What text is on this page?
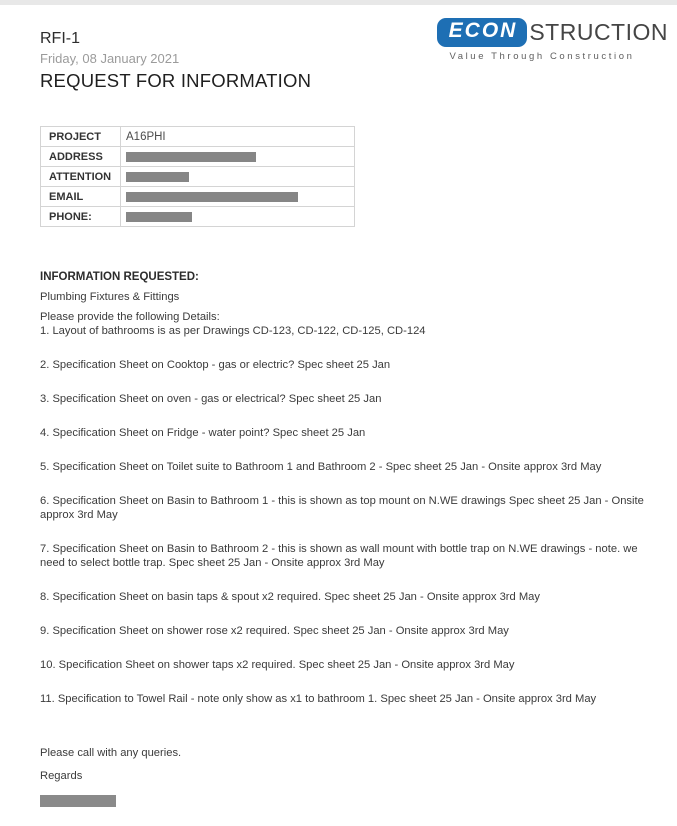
RFI-1
Friday, 08 January 2021
REQUEST FOR INFORMATION
ECON STRUCTION
Value Through Construction
PROJECT	A16PHI
ADDRESS	

ATTENTION	

EMAIL	

PHONE:	

INFORMATION REQUESTED:

Plumbing Fixtures & Fittings

Please provide the following Details:

1. Layout of bathrooms is as per Drawings CD-123, CD-122, CD-125, CD-124

2. Specification Sheet on Cooktop - gas or electric? Spec sheet 25 Jan

3. Specification Sheet on oven - gas or electrical? Spec sheet 25 Jan

4. Specification Sheet on Fridge - water point? Spec sheet 25 Jan

5. Specification Sheet on Toilet suite to Bathroom 1 and Bathroom 2 - Spec sheet 25 Jan - Onsite approx 3rd May

6. Specification Sheet on Basin to Bathroom 1 - this is shown as top mount on N.WE drawings Spec sheet 25 Jan - Onsite approx 3rd May

7. Specification Sheet on Basin to Bathroom 2 - this is shown as wall mount with bottle trap on N.WE drawings - note. we need to select bottle trap. Spec sheet 25 Jan - Onsite approx 3rd May

8. Specification Sheet on basin taps & spout x2 required. Spec sheet 25 Jan - Onsite approx 3rd May

9. Specification Sheet on shower rose x2 required. Spec sheet 25 Jan - Onsite approx 3rd May

10. Specification Sheet on shower taps x2 required. Spec sheet 25 Jan - Onsite approx 3rd May

11. Specification to Towel Rail - note only show as x1 to bathroom 1. Spec sheet 25 Jan - Onsite approx 3rd May

Please call with any queries.

Regards
